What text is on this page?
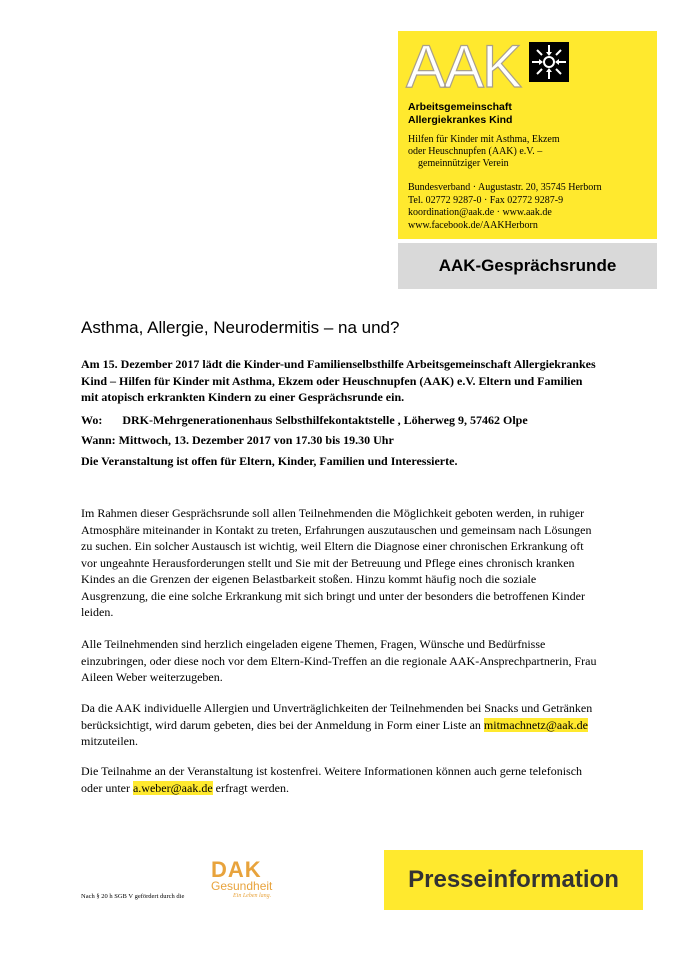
AAK
Arbeitsgemeinschaft
Allergiekrankes Kind
Hilfen für Kinder mit Asthma, Ekzem
oder Heuschnupfen (AAK) e.V. –
gemeinnütziger Verein
Bundesverband · Augustastr. 20, 35745 Herborn
Tel. 02772 9287-0 · Fax 02772 9287-9
koordination@aak.de · www.aak.de
www.facebook.de/AAKHerborn
AAK-Gesprächsrunde
Asthma, Allergie, Neurodermitis – na und?
Am 15. Dezember 2017 lädt die Kinder-und Familienselbsthilfe Arbeitsgemeinschaft Allergiekrankes Kind – Hilfen für Kinder mit Asthma, Ekzem oder Heuschnupfen (AAK) e.V. Eltern und Familien mit atopisch erkrankten Kindern zu einer Gesprächsrunde ein.
Wo: DRK-Mehrgenerationenhaus Selbsthilfekontaktstelle , Löherweg 9, 57462 Olpe
Wann: Mittwoch, 13. Dezember 2017 von 17.30 bis 19.30 Uhr
Die Veranstaltung ist offen für Eltern, Kinder, Familien und Interessierte.
Im Rahmen dieser Gesprächsrunde soll allen Teilnehmenden die Möglichkeit geboten werden, in ruhiger Atmosphäre miteinander in Kontakt zu treten, Erfahrungen auszutauschen und gemeinsam nach Lösungen zu suchen. Ein solcher Austausch ist wichtig, weil Eltern die Diagnose einer chronischen Erkrankung oft vor ungeahnte Herausforderungen stellt und Sie mit der Betreuung und Pflege eines chronisch kranken Kindes an die Grenzen der eigenen Belastbarkeit stoßen. Hinzu kommt häufig noch die soziale Ausgrenzung, die eine solche Erkrankung mit sich bringt und unter der besonders die betroffenen Kinder leiden.
Alle Teilnehmenden sind herzlich eingeladen eigene Themen, Fragen, Wünsche und Bedürfnisse einzubringen, oder diese noch vor dem Eltern-Kind-Treffen an die regionale AAK-Ansprechpartnerin, Frau Aileen Weber weiterzugeben.
Da die AAK individuelle Allergien und Unverträglichkeiten der Teilnehmenden bei Snacks und Getränken berücksichtigt, wird darum gebeten, dies bei der Anmeldung in Form einer Liste an mitmachnetz@aak.de mitzuteilen.
Die Teilnahme an der Veranstaltung ist kostenfrei. Weitere Informationen können auch gerne telefonisch oder unter a.weber@aak.de erfragt werden.
Nach § 20 h SGB V gefördert durch die
DAK
Gesundheit
Ein Leben lang.
Presseinformation
